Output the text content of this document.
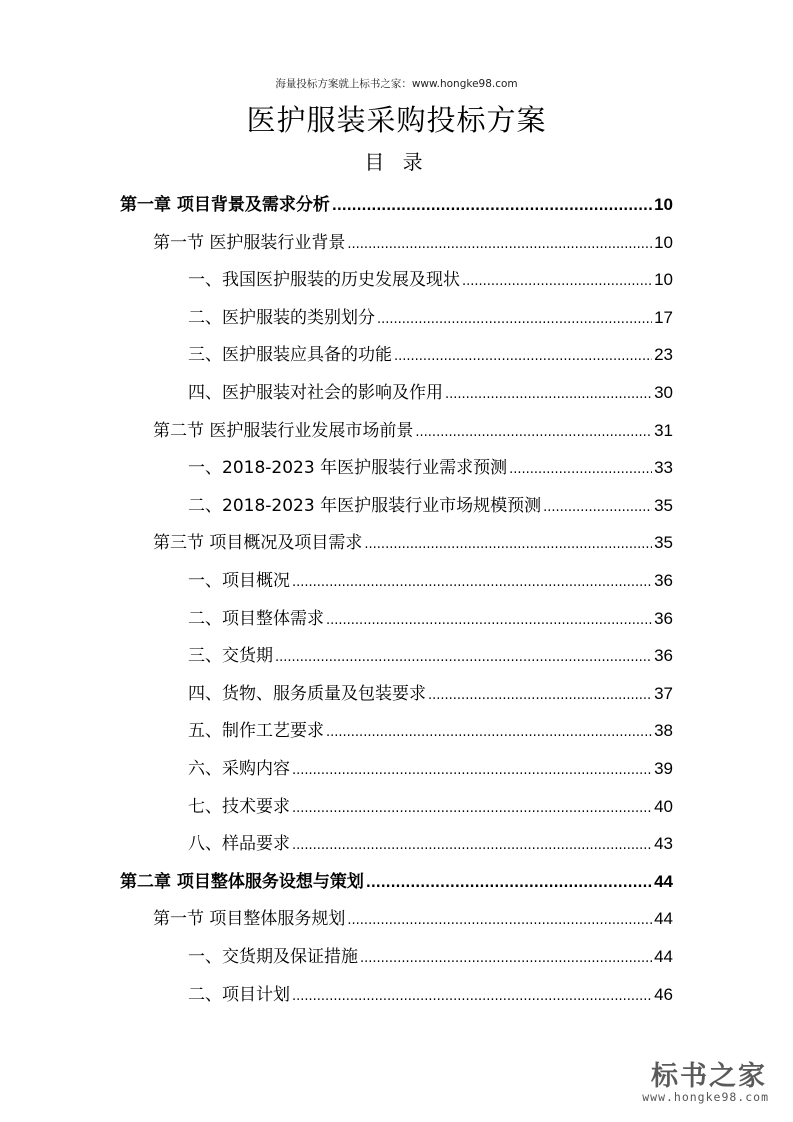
海量投标方案就上标书之家：www.hongke98.com
医护服装采购投标方案
目 录
第一章 项目背景及需求分析 .....	10
第一节 医护服装行业背景 .....	10
一、我国医护服装的历史发展及现状 .....	10
二、医护服装的类别划分 .....	17
三、医护服装应具备的功能 .....	23
四、医护服装对社会的影响及作用 .....	30
第二节 医护服装行业发展市场前景 .....	31
一、2018-2023 年医护服装行业需求预测 .....	33
二、2018-2023 年医护服装行业市场规模预测 .....	35
第三节 项目概况及项目需求 .....	35
一、项目概况 .....	36
二、项目整体需求 .....	36
三、交货期 .....	36
四、货物、服务质量及包装要求 .....	37
五、制作工艺要求 .....	38
六、采购内容 .....	39
七、技术要求 .....	40
八、样品要求 .....	43
第二章 项目整体服务设想与策划 .....	44
第一节 项目整体服务规划 .....	44
一、交货期及保证措施 .....	44
二、项目计划 .....	46
标书之家
www.hongke98.com
